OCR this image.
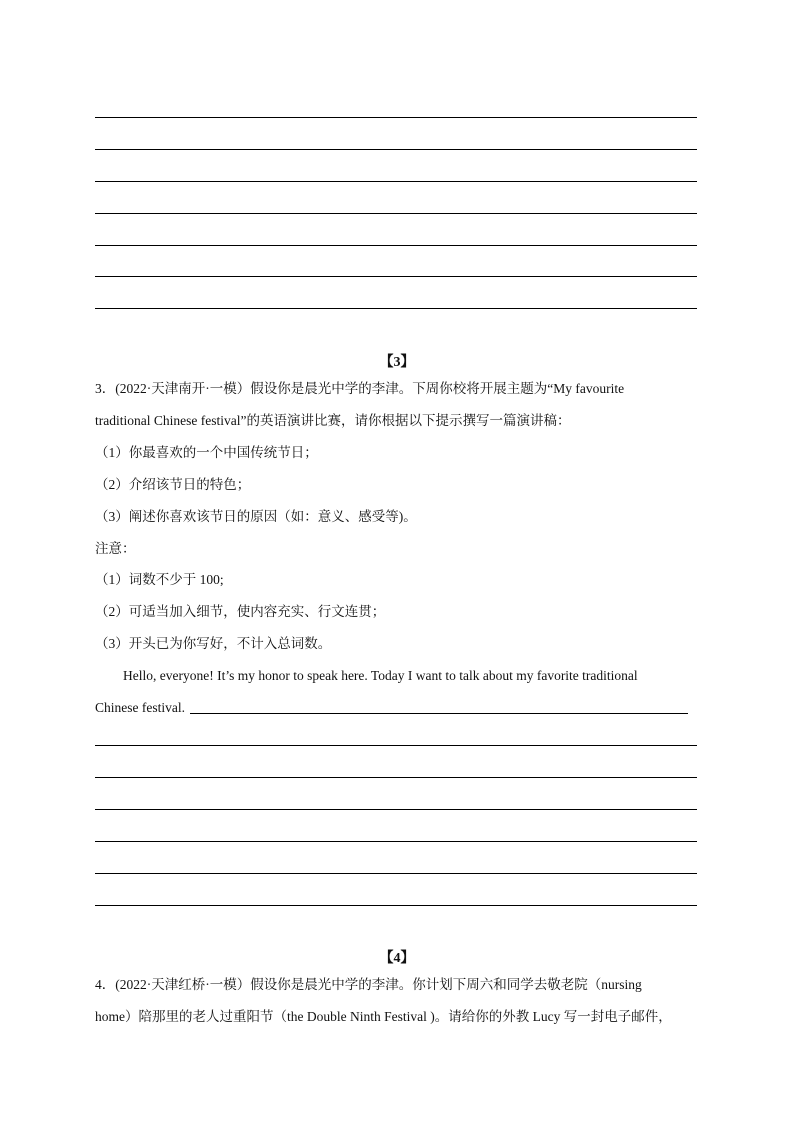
【3】
3．(2022·天津南开·一模）假设你是晨光中学的李津。下周你校将开展主题为“My favourite
traditional Chinese festival”的英语演讲比赛，请你根据以下提示撰写一篇演讲稿：
（1）你最喜欢的一个中国传统节日；
（2）介绍该节日的特色；
（3）阐述你喜欢该节日的原因（如：意义、感受等)。
注意：
（1）词数不少于 100;
（2）可适当加入细节，使内容充实、行文连贯；
（3）开头已为你写好，不计入总词数。
Hello, everyone! It’s my honor to speak here. Today I want to talk about my favorite traditional
Chinese festival.
【4】
4．(2022·天津红桥·一模）假设你是晨光中学的李津。你计划下周六和同学去敬老院（nursing
home）陪那里的老人过重阳节（the Double Ninth Festival )。请给你的外教 Lucy 写一封电子邮件，
